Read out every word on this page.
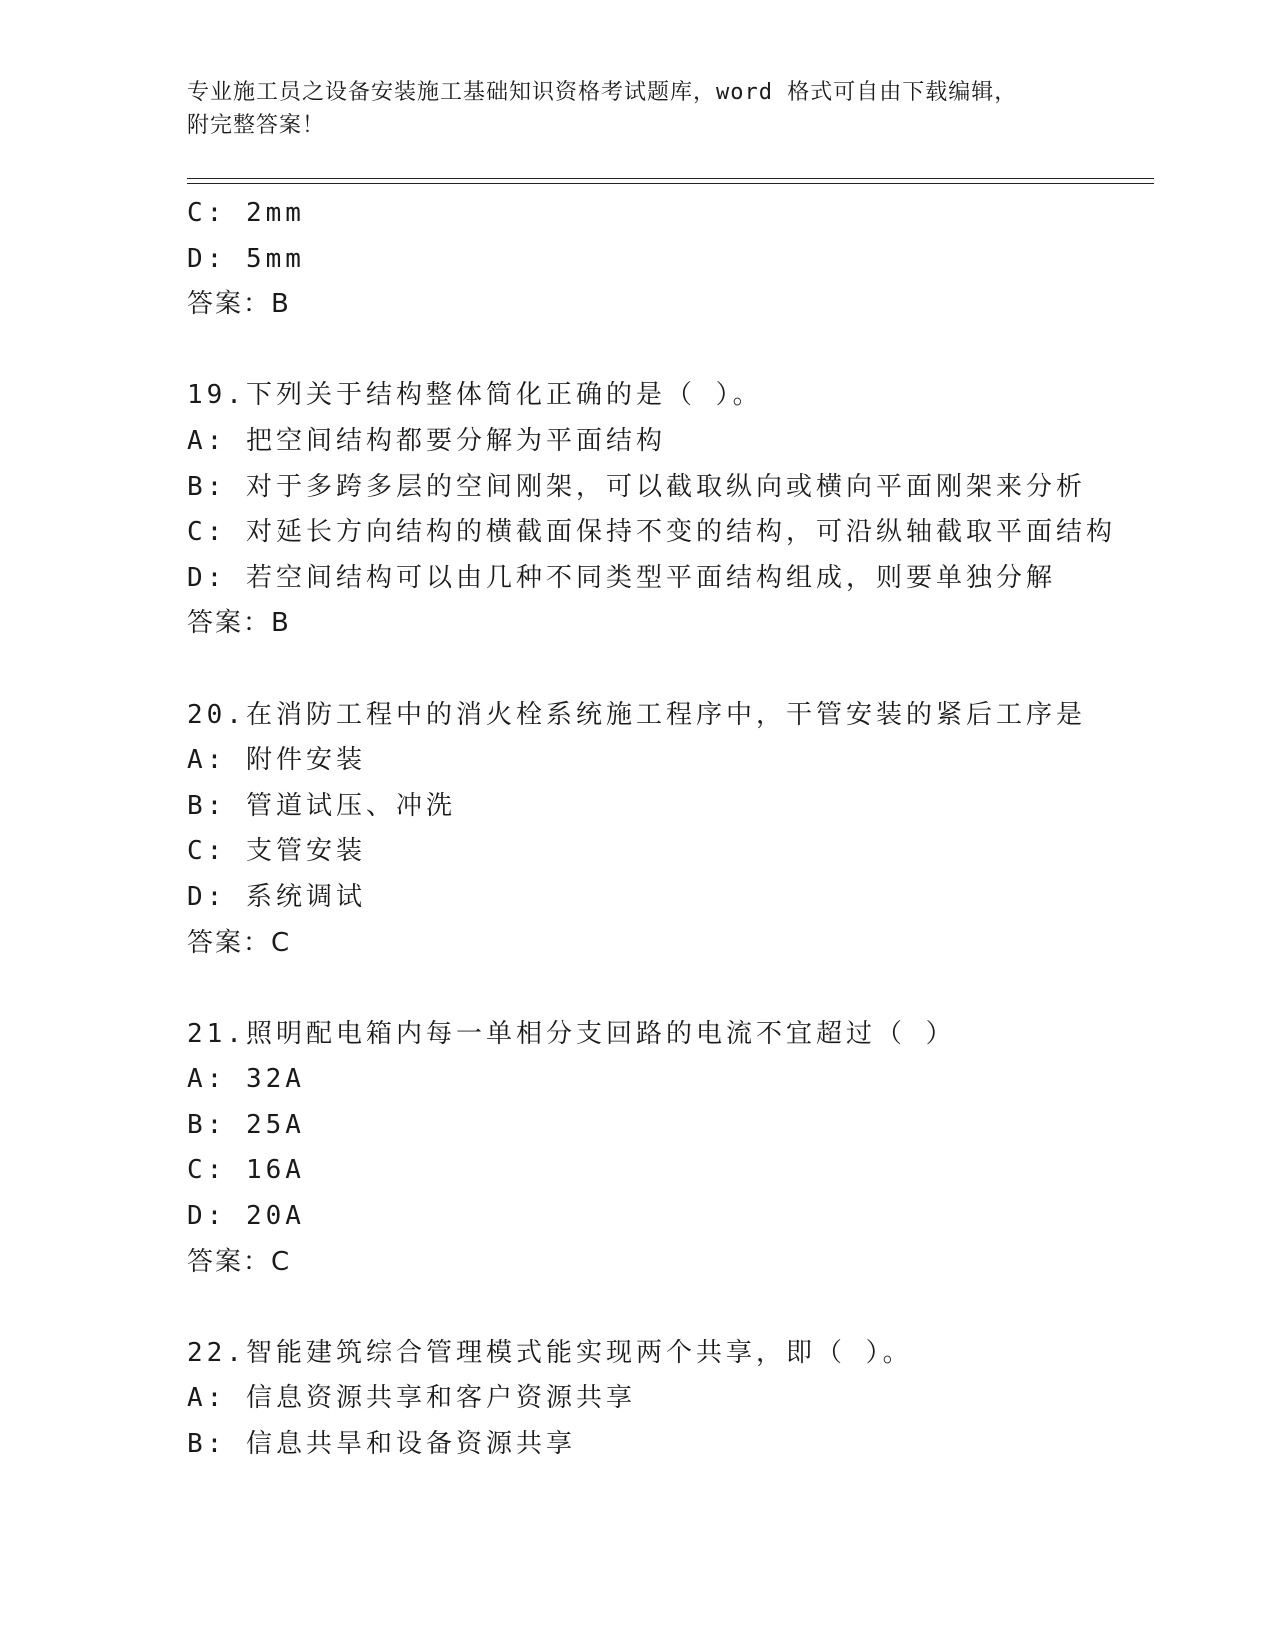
专业施工员之设备安装施工基础知识资格考试题库，word 格式可自由下载编辑，
附完整答案！
C: 2mm
D: 5mm
答案：B
19.下列关于结构整体简化正确的是（ ）。
A: 把空间结构都要分解为平面结构
B: 对于多跨多层的空间刚架，可以截取纵向或横向平面刚架来分析
C: 对延长方向结构的横截面保持不变的结构，可沿纵轴截取平面结构
D: 若空间结构可以由几种不同类型平面结构组成，则要单独分解
答案：B
20.在消防工程中的消火栓系统施工程序中，干管安装的紧后工序是
A: 附件安装
B: 管道试压、冲洗
C: 支管安装
D: 系统调试
答案：C
21.照明配电箱内每一单相分支回路的电流不宜超过（ ）
A: 32A
B: 25A
C: 16A
D: 20A
答案：C
22.智能建筑综合管理模式能实现两个共享，即（ ）。
A: 信息资源共享和客户资源共享
B: 信息共旱和设备资源共享
